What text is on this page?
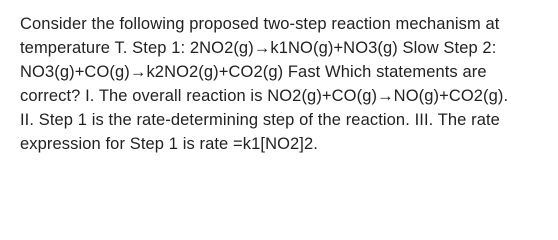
Consider the following proposed two-step reaction mechanism at
temperature T. Step 1: 2NO2(g)→k1NO(g)+NO3(g) Slow Step 2:
NO3(g)+CO(g)→k2NO2(g)+CO2(g) Fast Which statements are
correct? I. The overall reaction is NO2(g)+CO(g)→NO(g)+CO2(g).
II. Step 1 is the rate-determining step of the reaction. III. The rate
expression for Step 1 is rate =k1[NO2]2.
